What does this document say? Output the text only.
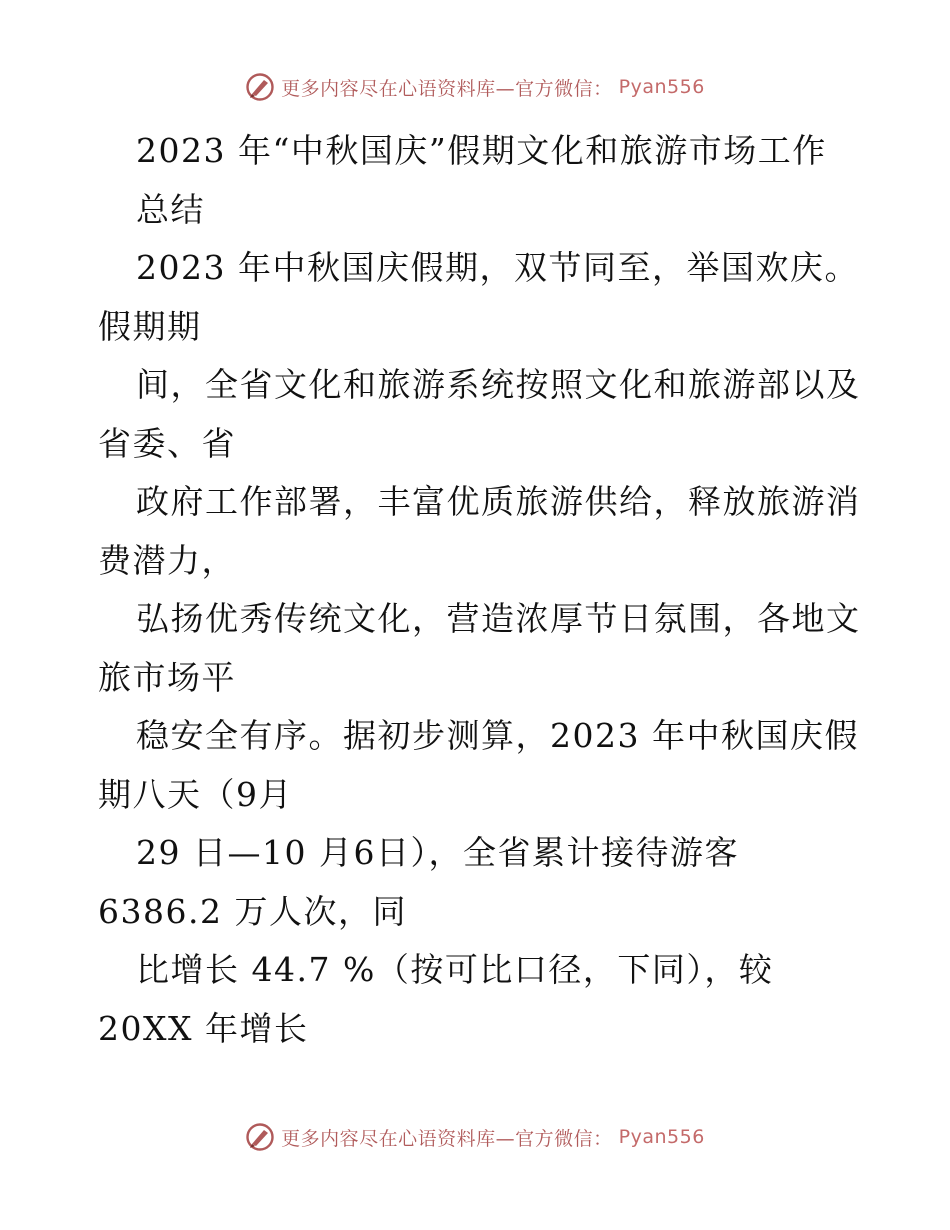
更多内容尽在心语资料库—官方微信： Pyan556
2023 年“中秋国庆”假期文化和旅游市场工作
总结
2023 年中秋国庆假期，双节同至，举国欢庆。
假期期
间，全省文化和旅游系统按照文化和旅游部以及
省委、省
政府工作部署，丰富优质旅游供给，释放旅游消
费潜力，
弘扬优秀传统文化，营造浓厚节日氛围，各地文
旅市场平
稳安全有序。据初步测算，2023 年中秋国庆假
期八天（9月
29 日—10 月6日），全省累计接待游客
6386.2 万人次，同
比增长 44.7 %（按可比口径，下同），较
20XX 年增长
更多内容尽在心语资料库—官方微信： Pyan556
